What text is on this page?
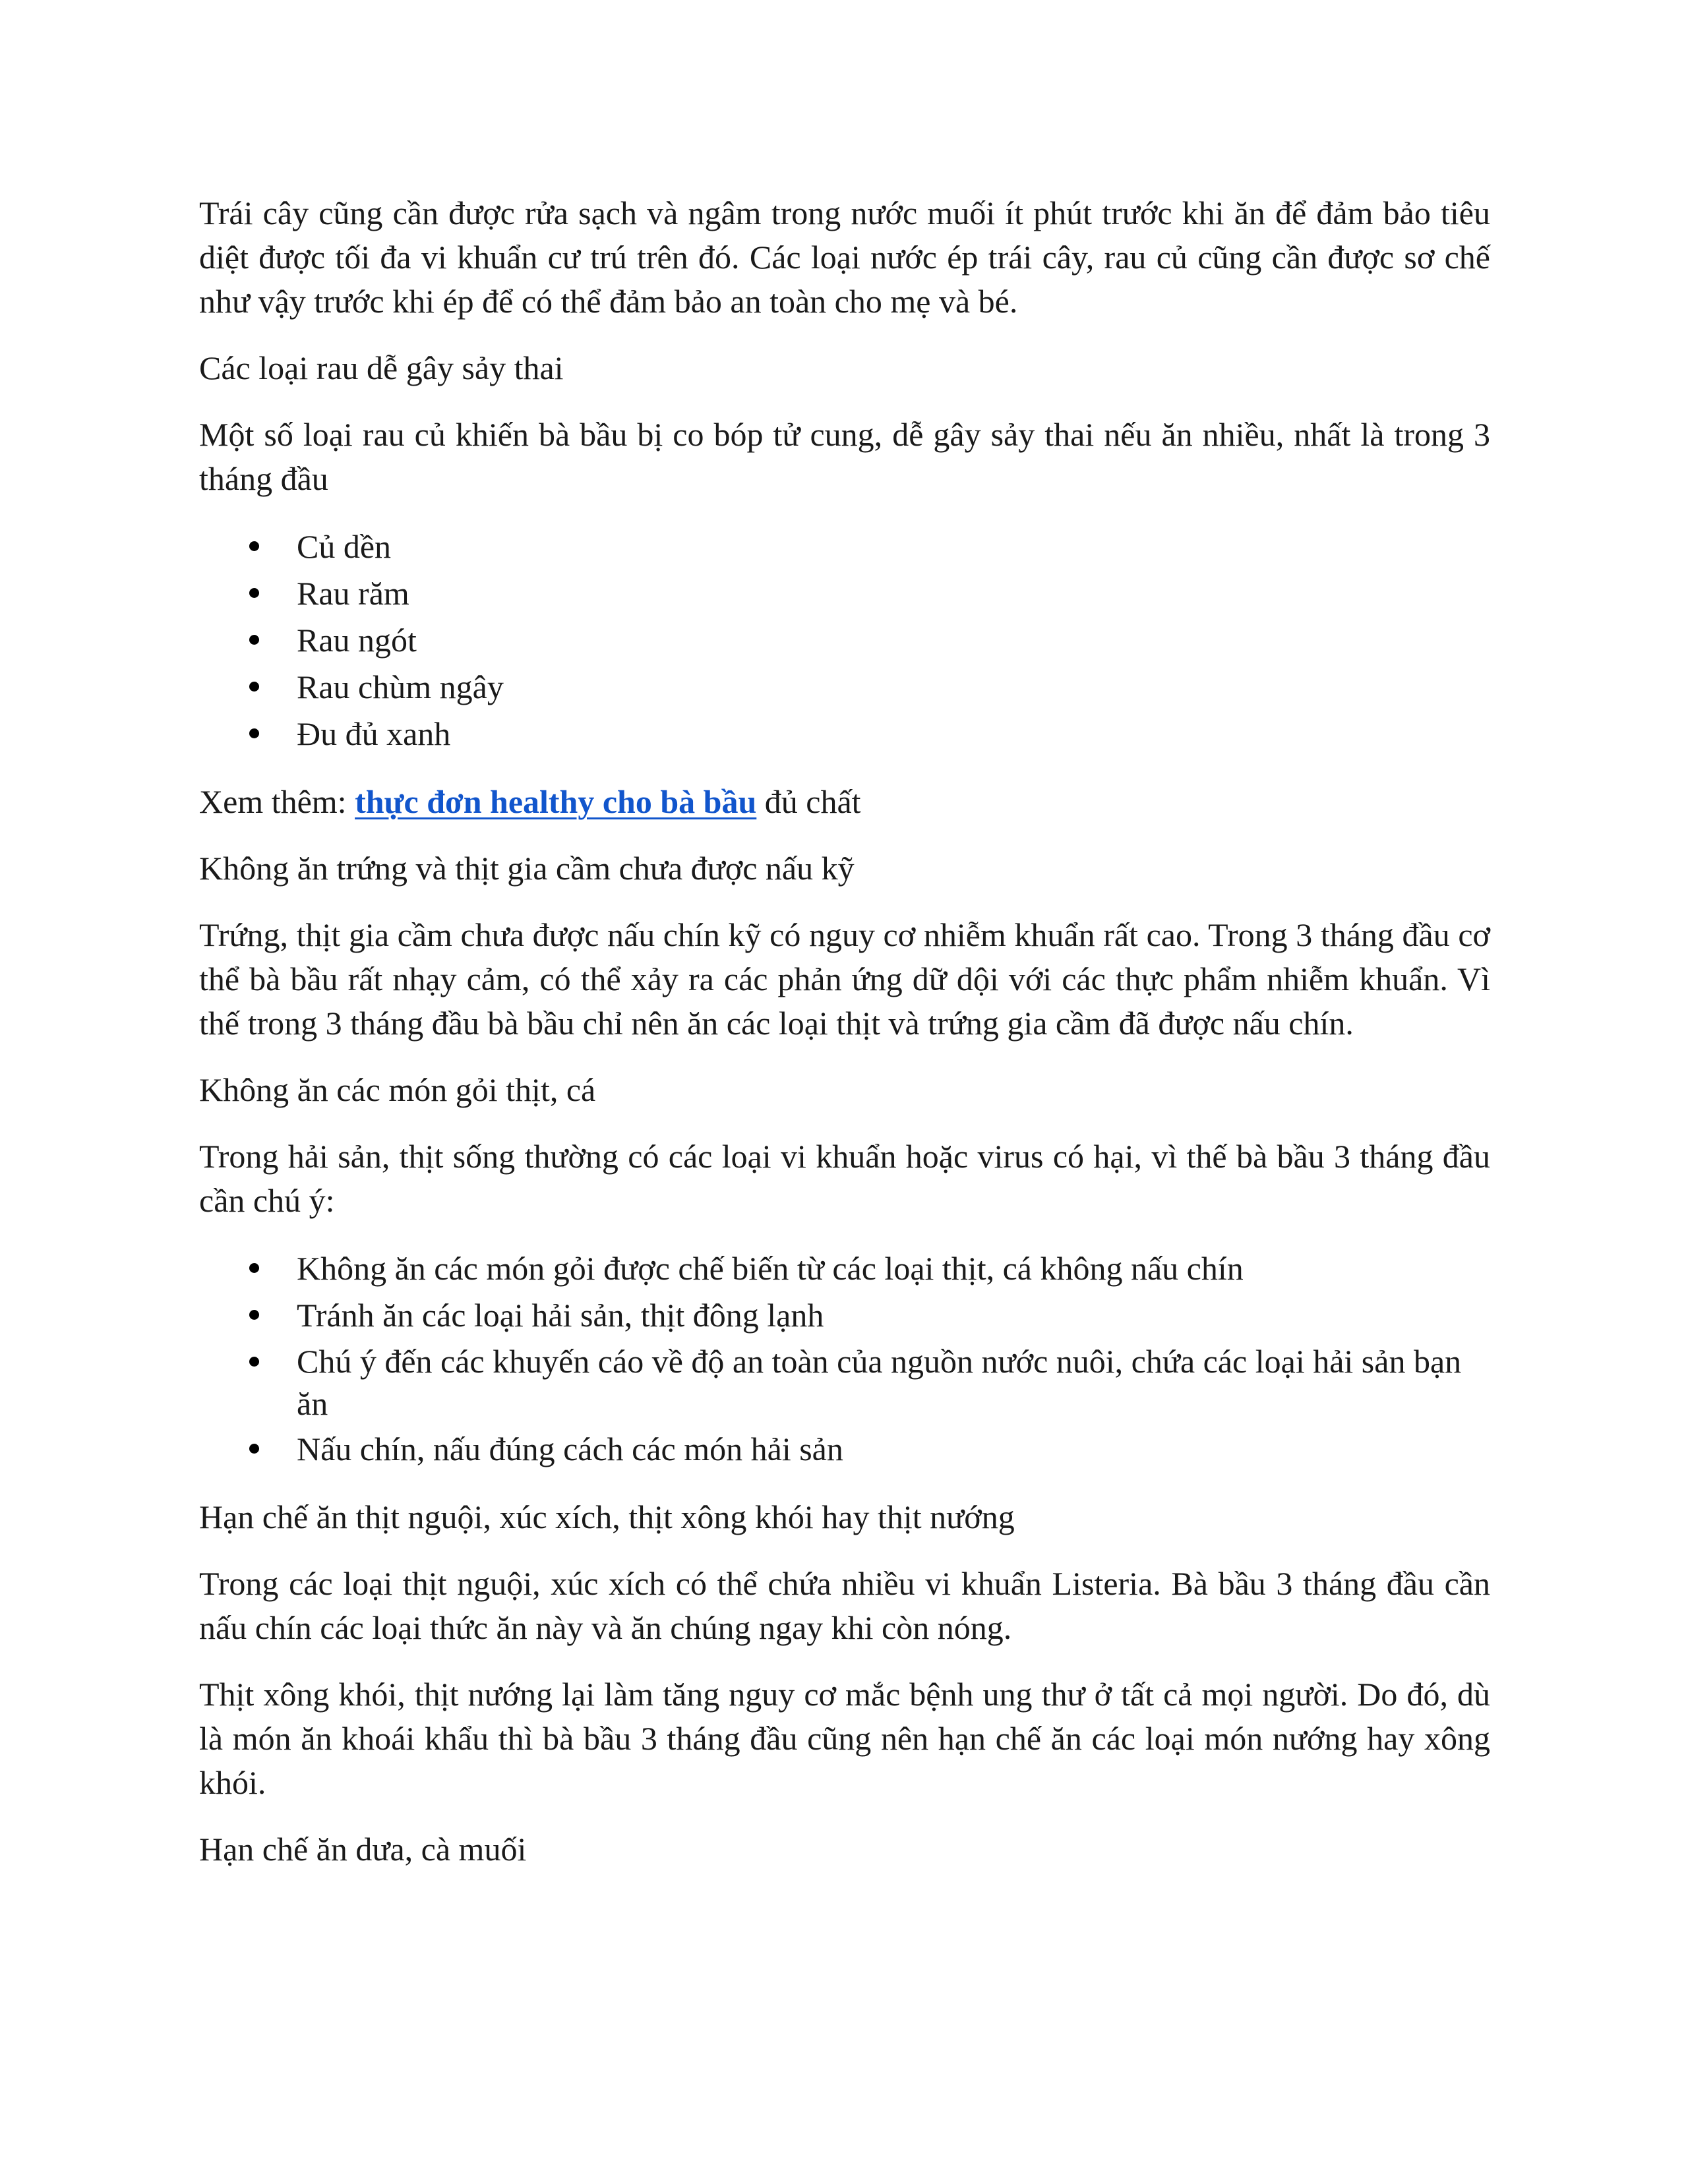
Trái cây cũng cần được rửa sạch và ngâm trong nước muối ít phút trước khi ăn để đảm bảo tiêu diệt được tối đa vi khuẩn cư trú trên đó. Các loại nước ép trái cây, rau củ cũng cần được sơ chế như vậy trước khi ép để có thể đảm bảo an toàn cho mẹ và bé.

Các loại rau dễ gây sảy thai

Một số loại rau củ khiến bà bầu bị co bóp tử cung, dễ gây sảy thai nếu ăn nhiều, nhất là trong 3 tháng đầu

Củ dền
Rau răm
Rau ngót
Rau chùm ngây
Đu đủ xanh

Xem thêm: thực đơn healthy cho bà bầu đủ chất

Không ăn trứng và thịt gia cầm chưa được nấu kỹ

Trứng, thịt gia cầm chưa được nấu chín kỹ có nguy cơ nhiễm khuẩn rất cao. Trong 3 tháng đầu cơ thể bà bầu rất nhạy cảm, có thể xảy ra các phản ứng dữ dội với các thực phẩm nhiễm khuẩn. Vì thế trong 3 tháng đầu bà bầu chỉ nên ăn các loại thịt và trứng gia cầm đã được nấu chín.

Không ăn các món gỏi thịt, cá

Trong hải sản, thịt sống thường có các loại vi khuẩn hoặc virus có hại, vì thế bà bầu 3 tháng đầu cần chú ý:

Không ăn các món gỏi được chế biến từ các loại thịt, cá không nấu chín
Tránh ăn các loại hải sản, thịt đông lạnh
Chú ý đến các khuyến cáo về độ an toàn của nguồn nước nuôi, chứa các loại hải sản bạn ăn
Nấu chín, nấu đúng cách các món hải sản

Hạn chế ăn thịt nguội, xúc xích, thịt xông khói hay thịt nướng

Trong các loại thịt nguội, xúc xích có thể chứa nhiều vi khuẩn Listeria. Bà bầu 3 tháng đầu cần nấu chín các loại thức ăn này và ăn chúng ngay khi còn nóng.

Thịt xông khói, thịt nướng lại làm tăng nguy cơ mắc bệnh ung thư ở tất cả mọi người. Do đó, dù là món ăn khoái khẩu thì bà bầu 3 tháng đầu cũng nên hạn chế ăn các loại món nướng hay xông khói.

Hạn chế ăn dưa, cà muối
